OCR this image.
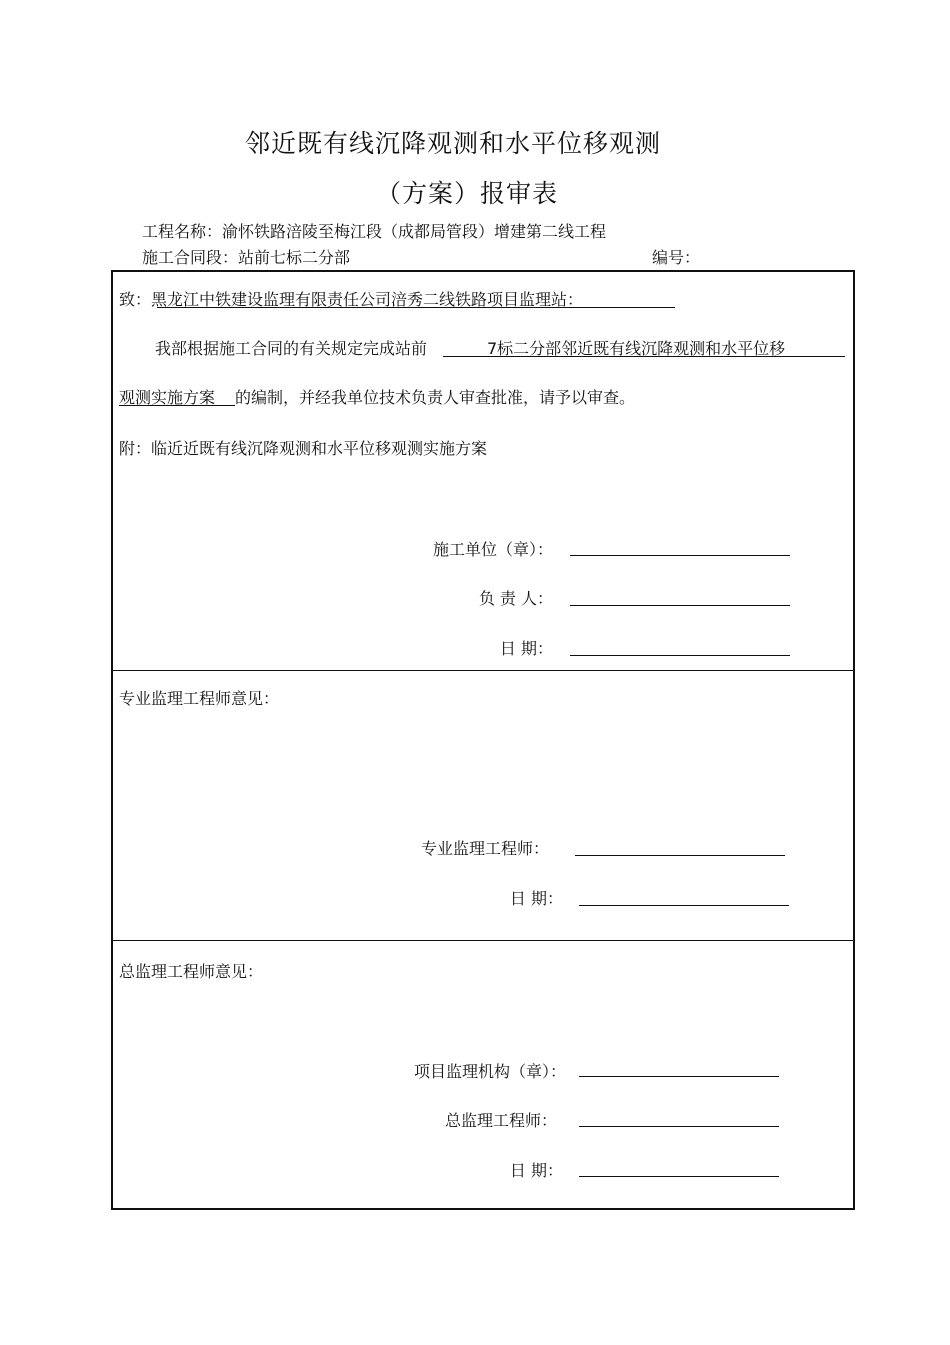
邻近既有线沉降观测和水平位移观测
（方案）报审表
工程名称：渝怀铁路涪陵至梅江段（成都局管段）增建第二线工程
施工合同段：站前七标二分部	编号：
致：黑龙江中铁建设监理有限责任公司涪秀二线铁路项目监理站：
我部根据施工合同的有关规定完成站前	7标二分部邻近既有线沉降观测和水平位移
观测实施方案 的编制，并经我单位技术负责人审查批准，请予以审查。
附：临近近既有线沉降观测和水平位移观测实施方案
施工单位（章）：
负 责 人：
日 期：
专业监理工程师意见：
专业监理工程师：
日 期：
总监理工程师意见：
项目监理机构（章）：
总监理工程师：
日 期：
